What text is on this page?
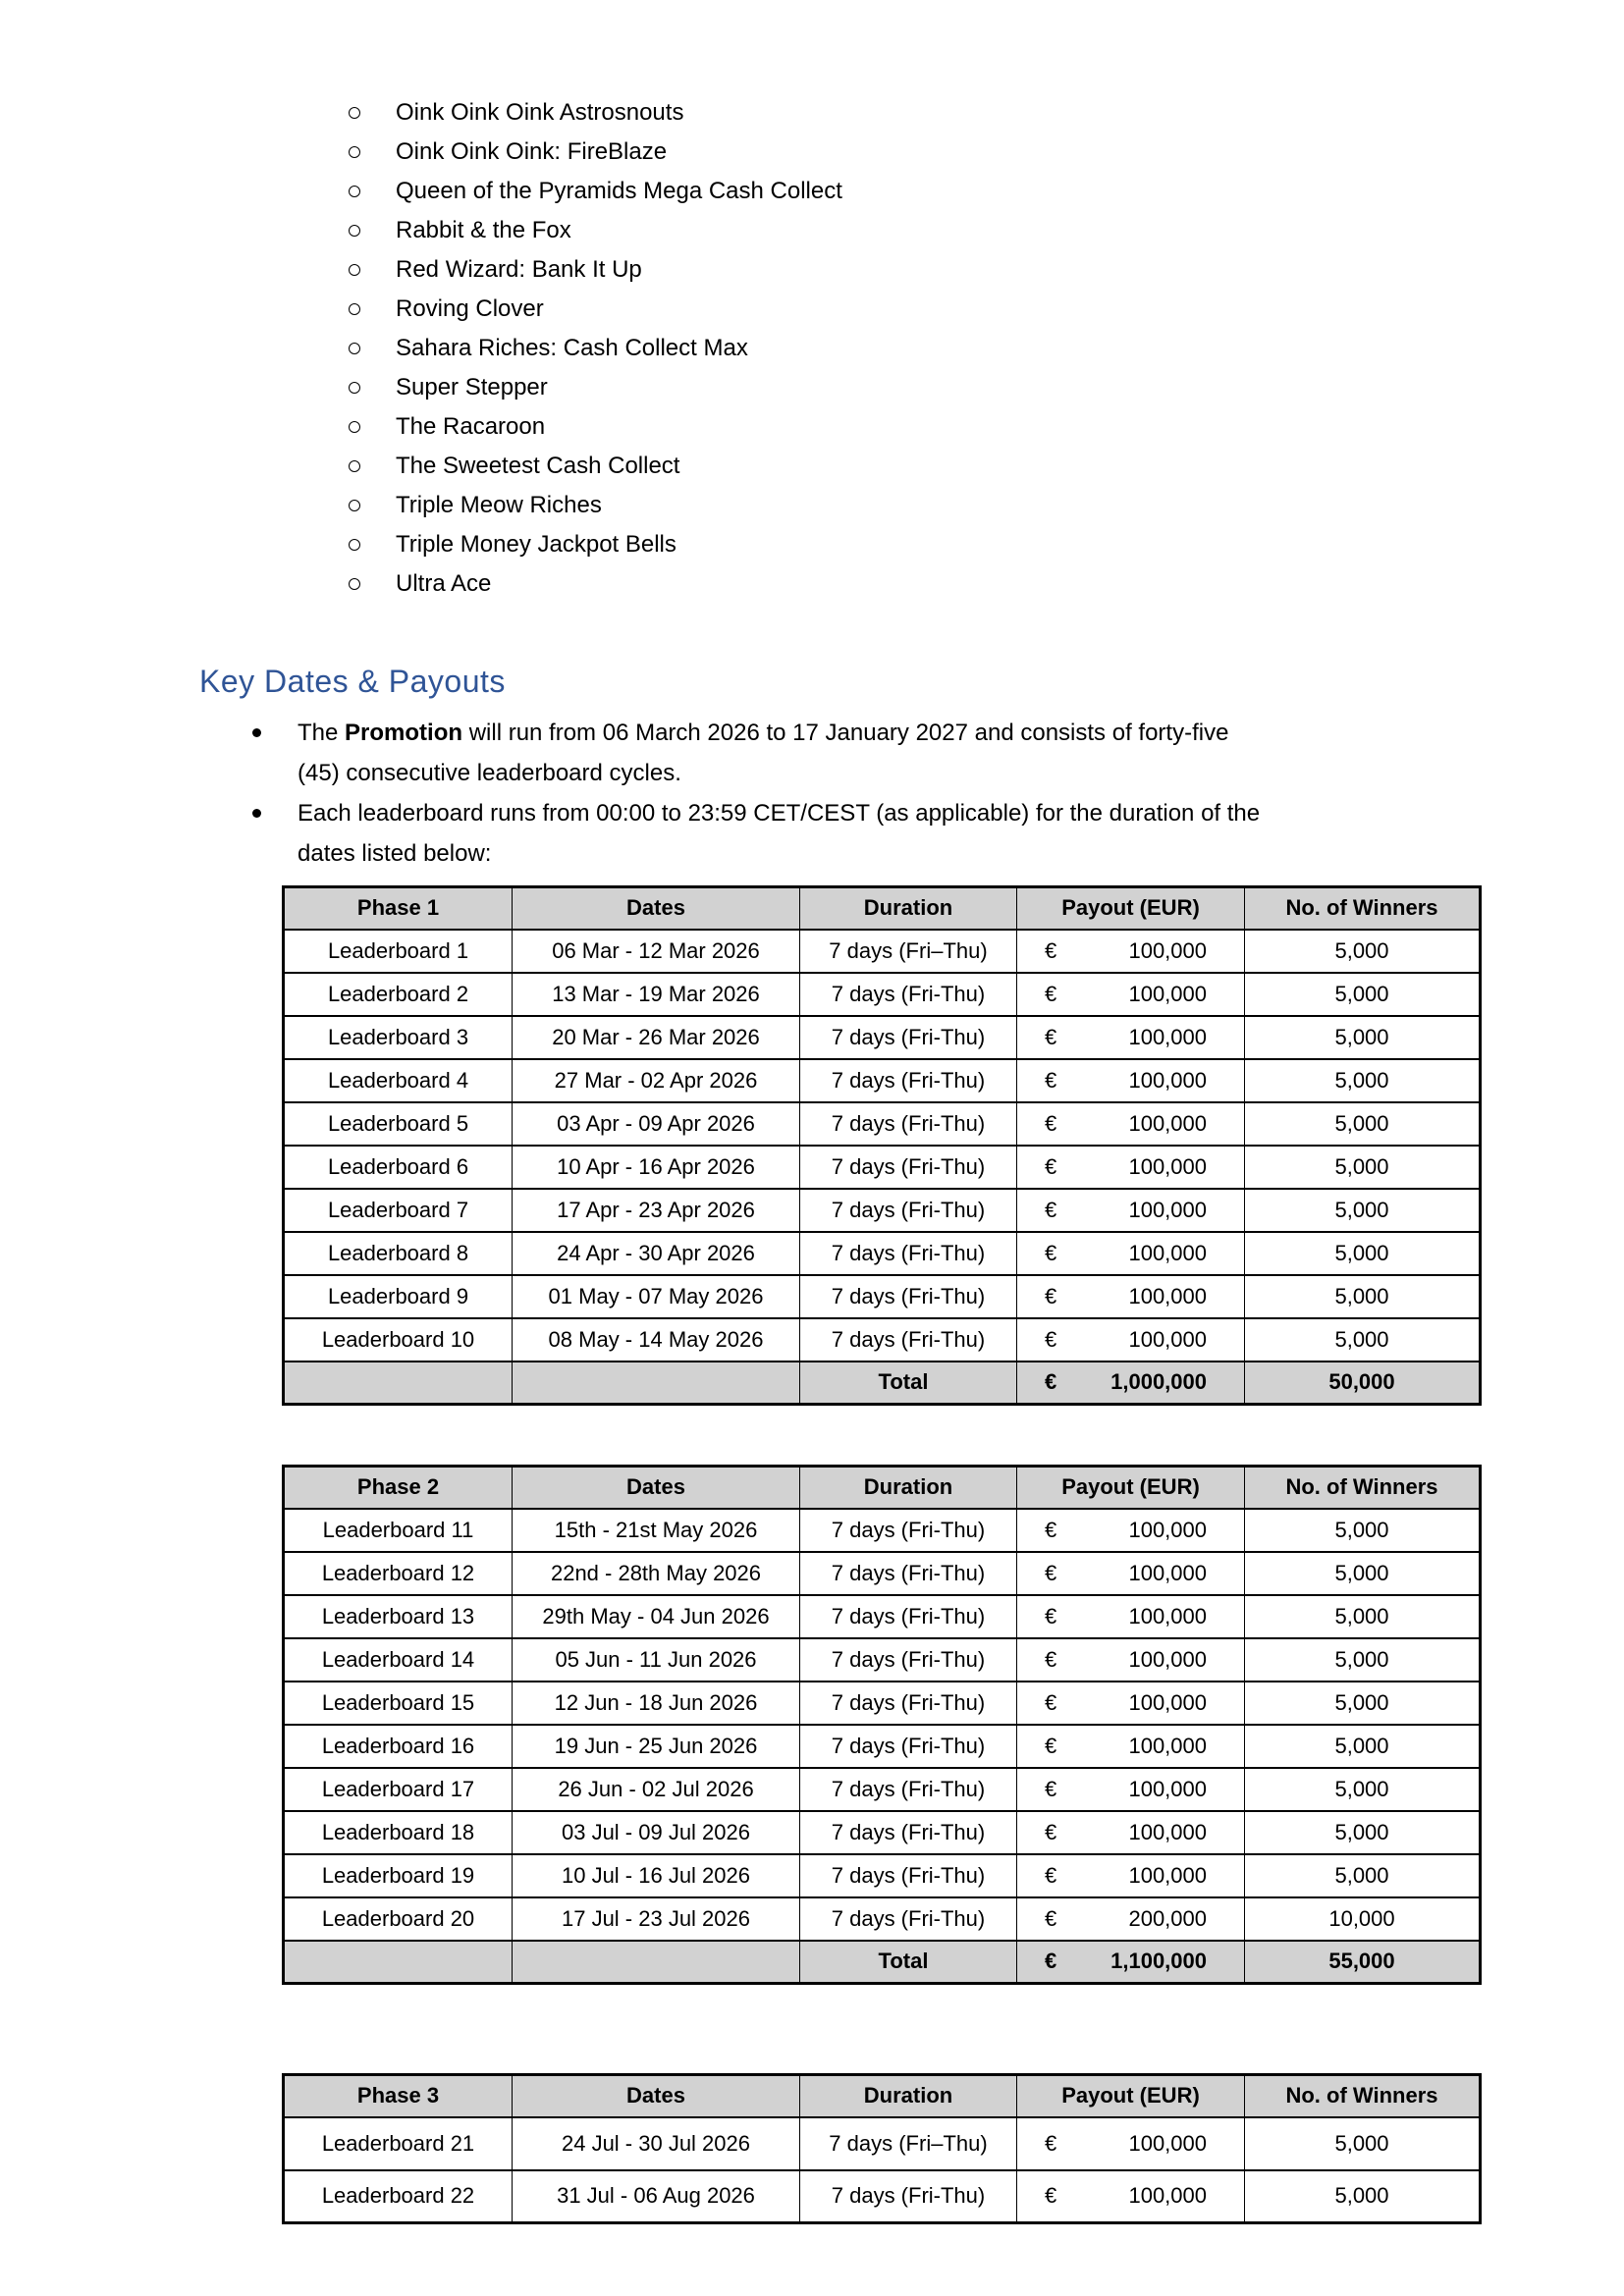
Oink Oink Oink Astrosnouts
Oink Oink Oink: FireBlaze
Queen of the Pyramids Mega Cash Collect
Rabbit & the Fox
Red Wizard: Bank It Up
Roving Clover
Sahara Riches: Cash Collect Max
Super Stepper
The Racaroon
The Sweetest Cash Collect
Triple Meow Riches
Triple Money Jackpot Bells
Ultra Ace
Key Dates & Payouts
The Promotion will run from 06 March 2026 to 17 January 2027 and consists of forty-five
(45) consecutive leaderboard cycles.
Each leaderboard runs from 00:00 to 23:59 CET/CEST (as applicable) for the duration of the
dates listed below:
Phase 1	Dates	Duration	Payout (EUR)	No. of Winners
Leaderboard 1	06 Mar - 12 Mar 2026	7 days (Fri–Thu)	€ 100,000	5,000
Leaderboard 2	13 Mar - 19 Mar 2026	7 days (Fri-Thu)	€ 100,000	5,000
Leaderboard 3	20 Mar - 26 Mar 2026	7 days (Fri-Thu)	€ 100,000	5,000
Leaderboard 4	27 Mar - 02 Apr 2026	7 days (Fri-Thu)	€ 100,000	5,000
Leaderboard 5	03 Apr - 09 Apr 2026	7 days (Fri-Thu)	€ 100,000	5,000
Leaderboard 6	10 Apr - 16 Apr 2026	7 days (Fri-Thu)	€ 100,000	5,000
Leaderboard 7	17 Apr - 23 Apr 2026	7 days (Fri-Thu)	€ 100,000	5,000
Leaderboard 8	24 Apr - 30 Apr 2026	7 days (Fri-Thu)	€ 100,000	5,000
Leaderboard 9	01 May - 07 May 2026	7 days (Fri-Thu)	€ 100,000	5,000
Leaderboard 10	08 May - 14 May 2026	7 days (Fri-Thu)	€ 100,000	5,000
		Total	€ 1,000,000	50,000
Phase 2	Dates	Duration	Payout (EUR)	No. of Winners
Leaderboard 11	15th - 21st May 2026	7 days (Fri-Thu)	€ 100,000	5,000
Leaderboard 12	22nd - 28th May 2026	7 days (Fri-Thu)	€ 100,000	5,000
Leaderboard 13	29th May - 04 Jun 2026	7 days (Fri-Thu)	€ 100,000	5,000
Leaderboard 14	05 Jun - 11 Jun 2026	7 days (Fri-Thu)	€ 100,000	5,000
Leaderboard 15	12 Jun - 18 Jun 2026	7 days (Fri-Thu)	€ 100,000	5,000
Leaderboard 16	19 Jun - 25 Jun 2026	7 days (Fri-Thu)	€ 100,000	5,000
Leaderboard 17	26 Jun - 02 Jul 2026	7 days (Fri-Thu)	€ 100,000	5,000
Leaderboard 18	03 Jul - 09 Jul 2026	7 days (Fri-Thu)	€ 100,000	5,000
Leaderboard 19	10 Jul - 16 Jul 2026	7 days (Fri-Thu)	€ 100,000	5,000
Leaderboard 20	17 Jul - 23 Jul 2026	7 days (Fri-Thu)	€ 200,000	10,000
		Total	€ 1,100,000	55,000
Phase 3	Dates	Duration	Payout (EUR)	No. of Winners
Leaderboard 21	24 Jul - 30 Jul 2026	7 days (Fri–Thu)	€ 100,000	5,000
Leaderboard 22	31 Jul - 06 Aug 2026	7 days (Fri-Thu)	€ 100,000	5,000
